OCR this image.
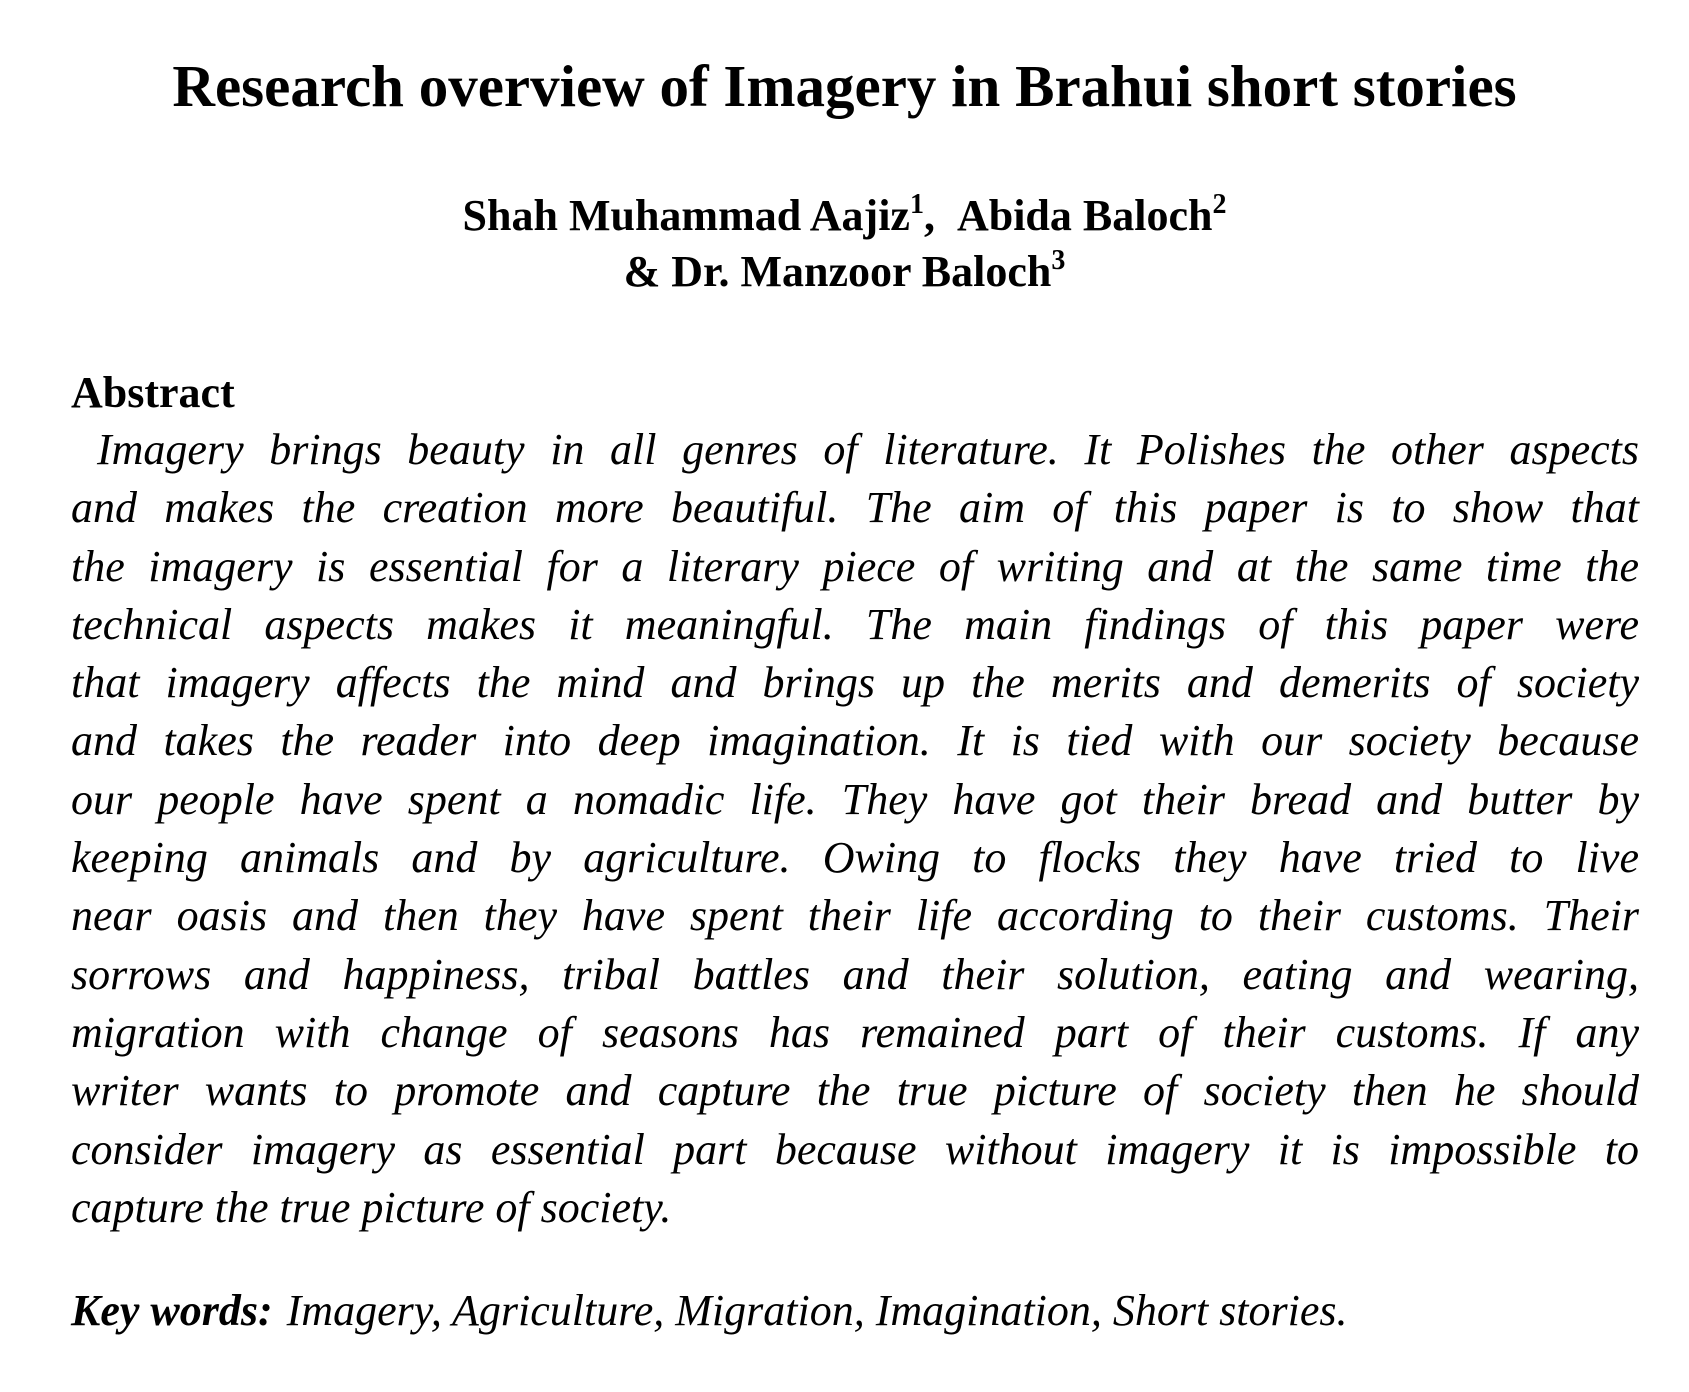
Research overview of Imagery in Brahui short stories
Shah Muhammad Aajiz$^1$, Abida Baloch$^2$
& Dr. Manzoor Baloch$^3$
Abstract
Imagery brings beauty in all genres of literature. It Polishes the other aspects
and makes the creation more beautiful. The aim of this paper is to show that
the imagery is essential for a literary piece of writing and at the same time the
technical aspects makes it meaningful. The main findings of this paper were
that imagery affects the mind and brings up the merits and demerits of society
and takes the reader into deep imagination. It is tied with our society because
our people have spent a nomadic life. They have got their bread and butter by
keeping animals and by agriculture. Owing to flocks they have tried to live
near oasis and then they have spent their life according to their customs. Their
sorrows and happiness, tribal battles and their solution, eating and wearing,
migration with change of seasons has remained part of their customs. If any
writer wants to promote and capture the true picture of society then he should
consider imagery as essential part because without imagery it is impossible to
capture the true picture of society.

Key words: Imagery, Agriculture, Migration, Imagination, Short stories.
